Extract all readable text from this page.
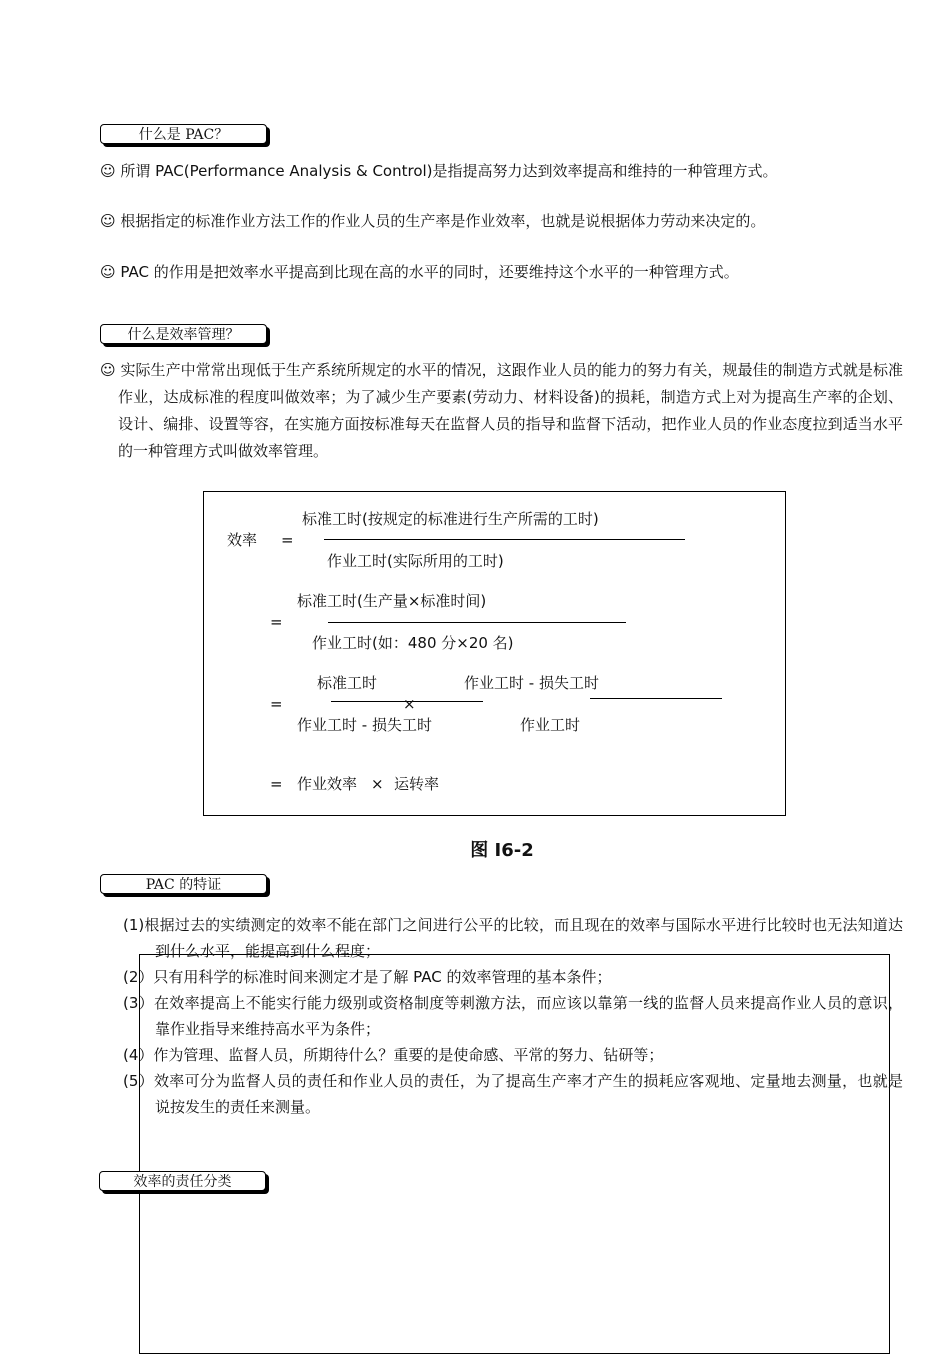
什么是 PAC？
☺ 所谓 PAC(Performance Analysis & Control)是指提高努力达到效率提高和维持的一种管理方式。
☺ 根据指定的标准作业方法工作的作业人员的生产率是作业效率，也就是说根据体力劳动来决定的。
☺ PAC 的作用是把效率水平提高到比现在高的水平的同时，还要维持这个水平的一种管理方式。
什么是效率管理？
☺ 实际生产中常常出现低于生产系统所规定的水平的情况，这跟作业人员的能力的努力有关，规最佳的制造方式就是标准作业，达成标准的程度叫做效率；为了减少生产要素(劳动力、材料设备)的损耗，制造方式上对为提高生产率的企划、设计、编排、设置等容，在实施方面按标准每天在监督人员的指导和监督下活动，把作业人员的作业态度拉到适当水平的一种管理方式叫做效率管理。
效率 =
标准工时(按规定的标准进行生产所需的工时)
作业工时(实际所用的工时)
=
标准工时(生产量×标准时间)
作业工时(如：480 分×20 名)
=
标准工时
×
作业工时 - 损失工时
作业工时 - 损失工时	作业工时
= 作业效率 × 运转率
图 I6-2
PAC 的特证
(1)根据过去的实绩测定的效率不能在部门之间进行公平的比较，而且现在的效率与国际水平进行比较时也无法知道达到什么水平，能提高到什么程度；
(2）只有用科学的标准时间来测定才是了解 PAC 的效率管理的基本条件；
(3）在效率提高上不能实行能力级别或资格制度等刺激方法，而应该以靠第一线的监督人员来提高作业人员的意识，靠作业指导来维持高水平为条件；
(4）作为管理、监督人员，所期待什么？重要的是使命感、平常的努力、钻研等；
(5）效率可分为监督人员的责任和作业人员的责任，为了提高生产率才产生的损耗应客观地、定量地去测量，也就是说按发生的责任来测量。
效率的责任分类
